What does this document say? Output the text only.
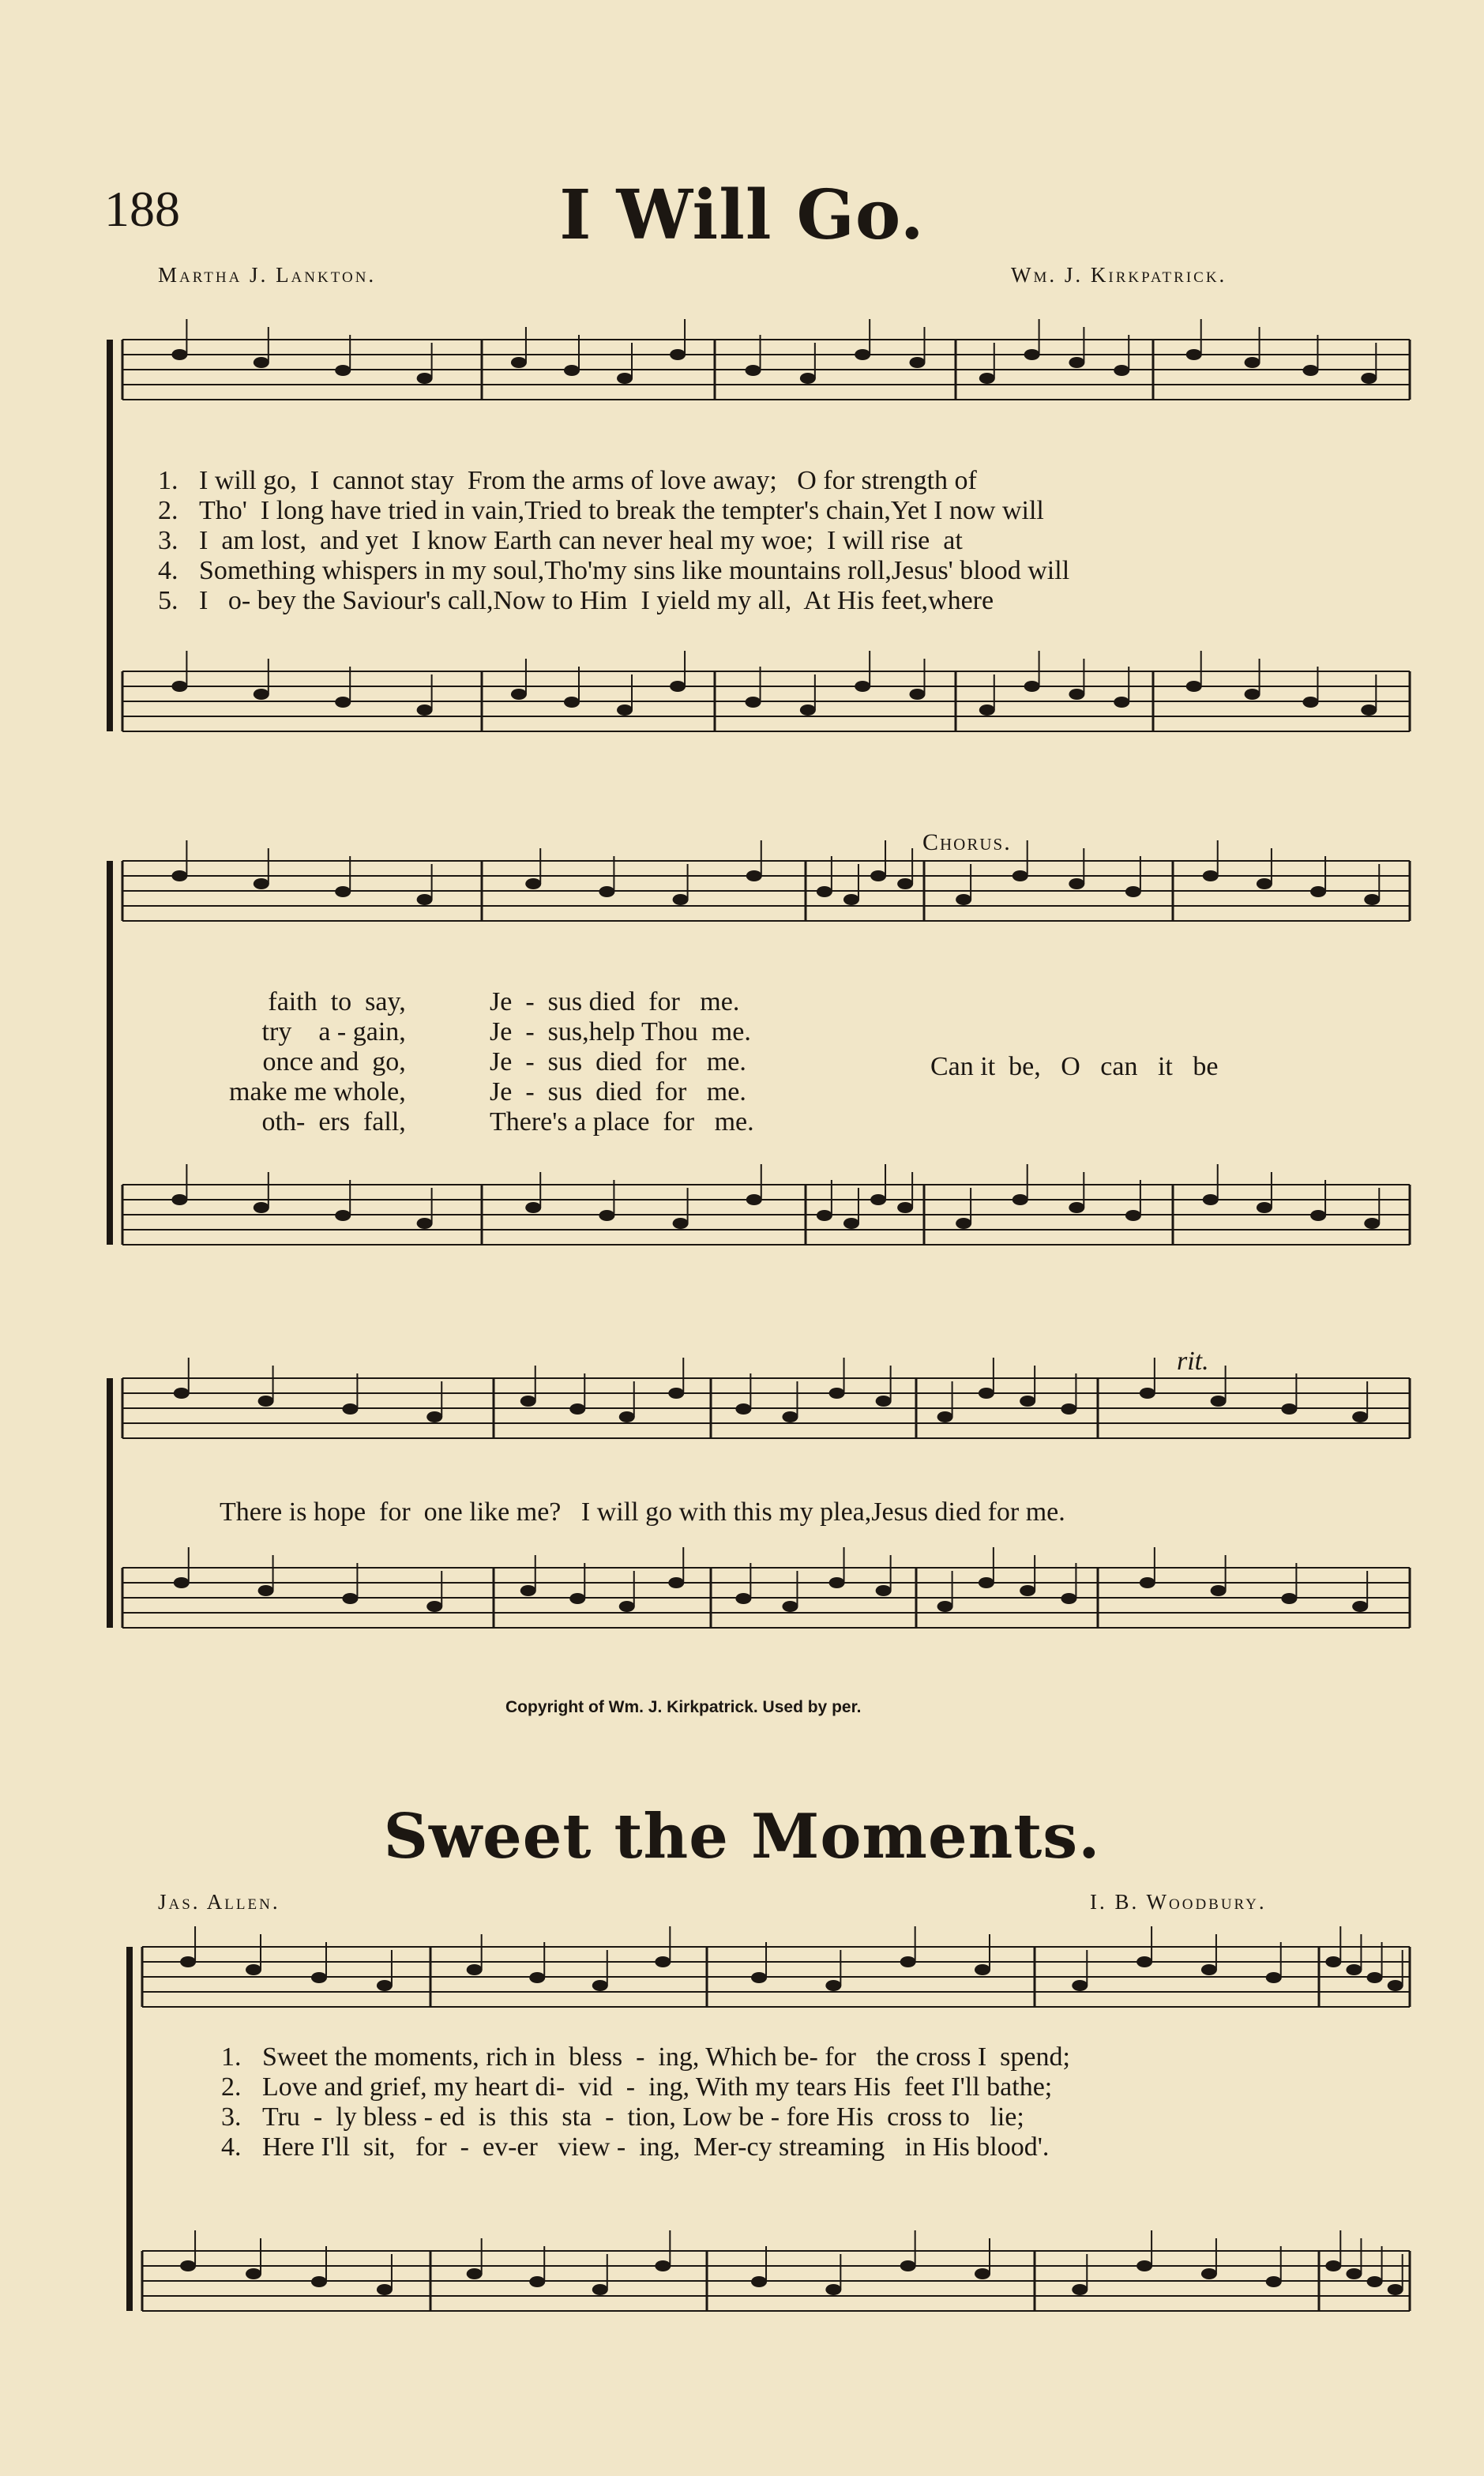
188	I Will Go.
Martha J. Lankton.	Wm. J. Kirkpatrick.
1. I will go,  I  cannot stay  From the arms of love away;   O for strength of
2. Tho'  I long have tried in vain,Tried to break the tempter's chain,Yet I now will
3. I  am lost,  and yet  I know Earth can never heal my woe;  I will rise  at
4. Something whispers in my soul,Tho'my sins like mountains roll,Jesus' blood will
5. I   o- bey the Saviour's call,Now to Him  I yield my all,  At His feet,where
faith  to  say,
try    a - gain,
once and  go,
make me whole,
oth-  ers  fall,
Je  -  sus died  for   me.
Je  -  sus,help Thou  me.
Je  -  sus  died  for   me.
Je  -  sus  died  for   me.
There's a place  for   me.
Chorus.
Can it  be,   O   can   it   be
rit.
There is hope  for  one like me?   I will go with this my plea,Jesus died for me.
Copyright of Wm. J. Kirkpatrick. Used by per.
Sweet the Moments.
Jas. Allen.	I. B. Woodbury.
1. Sweet the moments, rich in  bless  -  ing, Which be- for   the cross I  spend;
2. Love and grief, my heart di-  vid  -  ing, With my tears His  feet I'll bathe;
3. Tru  -  ly bless - ed  is  this  sta  -  tion, Low be - fore His  cross to   lie;
4. Here I'll  sit,   for  -  ev-er   view -  ing,  Mer-cy streaming   in His blood'.
